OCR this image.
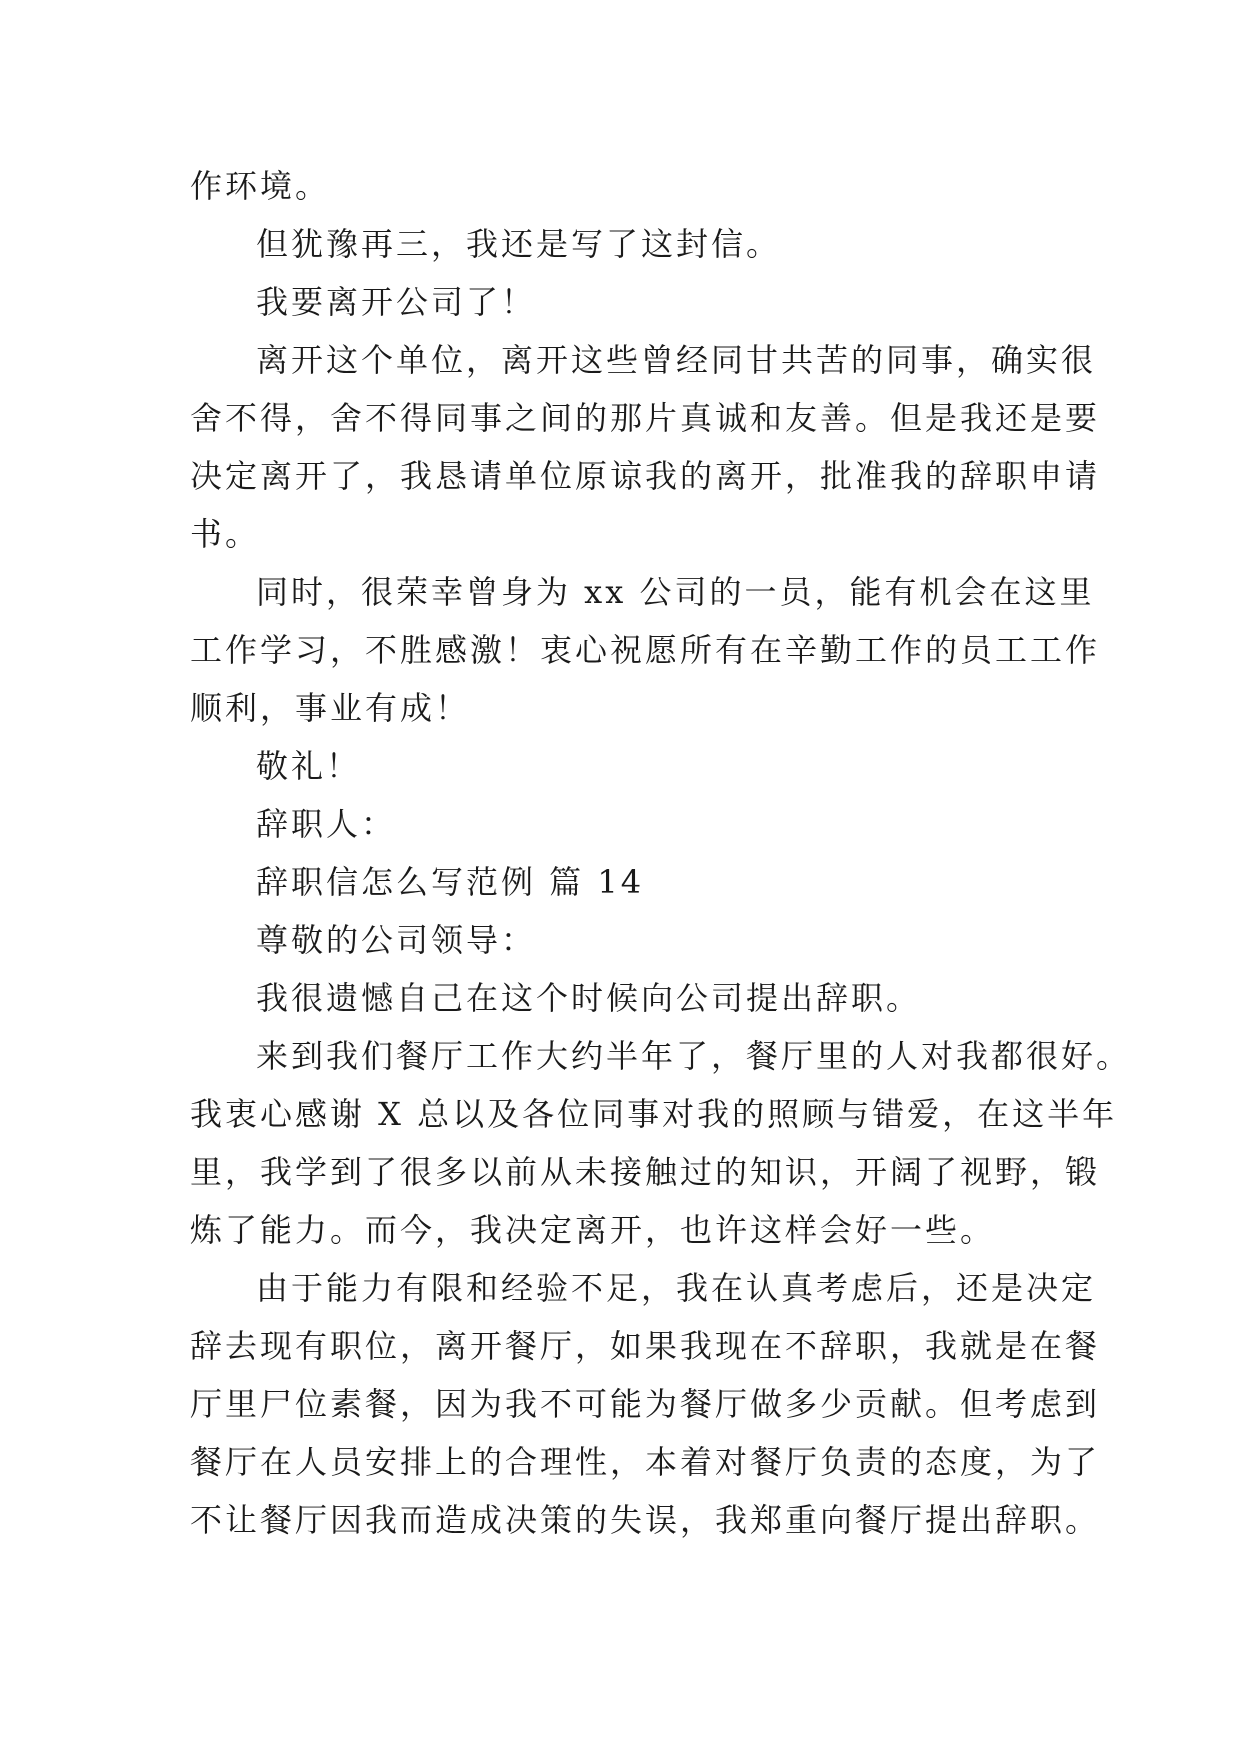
作环境。
但犹豫再三，我还是写了这封信。
我要离开公司了！
离开这个单位，离开这些曾经同甘共苦的同事，确实很
舍不得，舍不得同事之间的那片真诚和友善。但是我还是要
决定离开了，我恳请单位原谅我的离开，批准我的辞职申请
书。
同时，很荣幸曾身为 xx 公司的一员，能有机会在这里
工作学习，不胜感激！衷心祝愿所有在辛勤工作的员工工作
顺利，事业有成！
敬礼！
辞职人：
辞职信怎么写范例 篇 14
尊敬的公司领导：
我很遗憾自己在这个时候向公司提出辞职。
来到我们餐厅工作大约半年了，餐厅里的人对我都很好。
我衷心感谢 X 总以及各位同事对我的照顾与错爱，在这半年
里，我学到了很多以前从未接触过的知识，开阔了视野，锻
炼了能力。而今，我决定离开，也许这样会好一些。
由于能力有限和经验不足，我在认真考虑后，还是决定
辞去现有职位，离开餐厅，如果我现在不辞职，我就是在餐
厅里尸位素餐，因为我不可能为餐厅做多少贡献。但考虑到
餐厅在人员安排上的合理性，本着对餐厅负责的态度，为了
不让餐厅因我而造成决策的失误，我郑重向餐厅提出辞职。
